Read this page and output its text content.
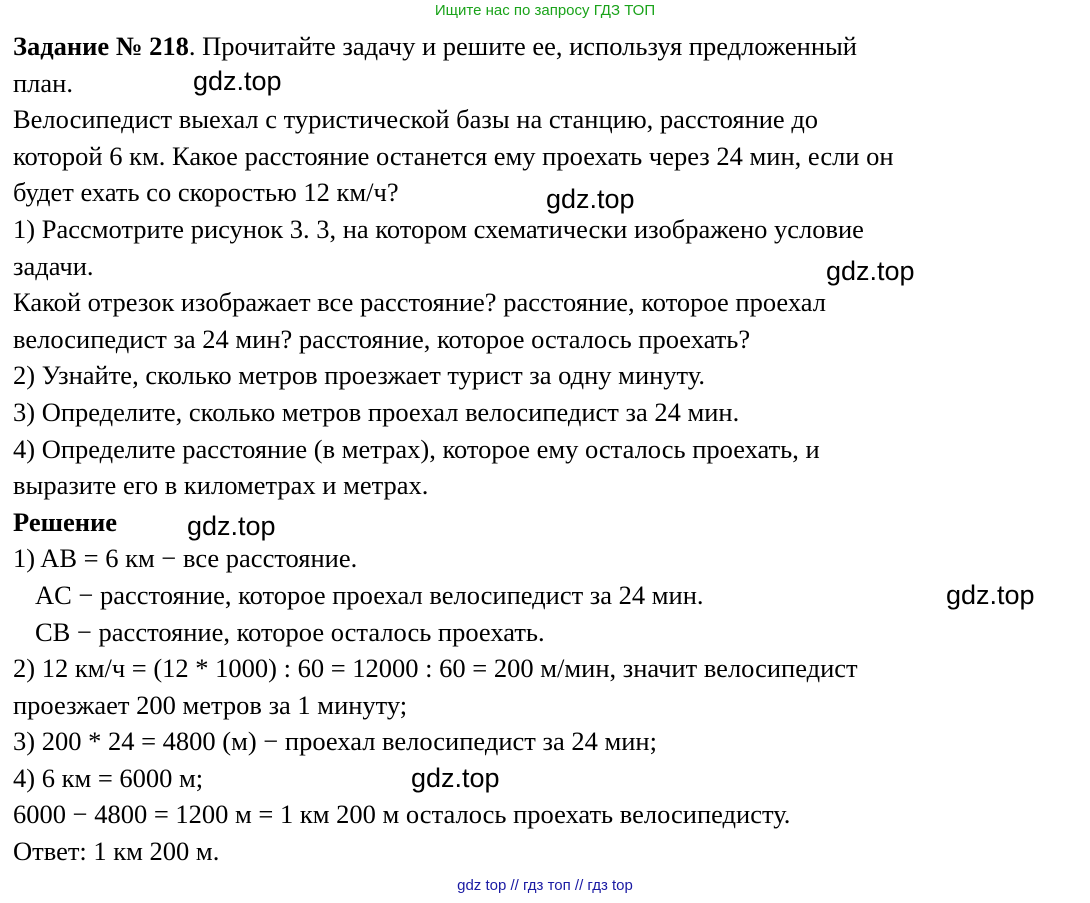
Ищите нас по запросу ГДЗ ТОП
Задание № 218. Прочитайте задачу и решите ее, используя предложенный
план.
Велосипедист выехал с туристической базы на станцию, расстояние до
которой 6 км. Какое расстояние останется ему проехать через 24 мин, если он
будет ехать со скоростью 12 км/ч?
1) Рассмотрите рисунок 3. 3, на котором схематически изображено условие
задачи.
Какой отрезок изображает все расстояние? расстояние, которое проехал
велосипедист за 24 мин? расстояние, которое осталось проехать?
2) Узнайте, сколько метров проезжает турист за одну минуту.
3) Определите, сколько метров проехал велосипедист за 24 мин.
4) Определите расстояние (в метрах), которое ему осталось проехать, и
выразите его в километрах и метрах.
Решение
1) AB = 6 км − все расстояние.
AC − расстояние, которое проехал велосипедист за 24 мин.
CB − расстояние, которое осталось проехать.
2) 12 км/ч = (12 * 1000) : 60 = 12000 : 60 = 200 м/мин, значит велосипедист
проезжает 200 метров за 1 минуту;
3) 200 * 24 = 4800 (м) − проехал велосипедист за 24 мин;
4) 6 км = 6000 м;
6000 − 4800 = 1200 м = 1 км 200 м осталось проехать велосипедисту.
Ответ: 1 км 200 м.
gdz.top
gdz.top
gdz.top
gdz.top
gdz.top
gdz.top
gdz top // гдз топ // гдз top
